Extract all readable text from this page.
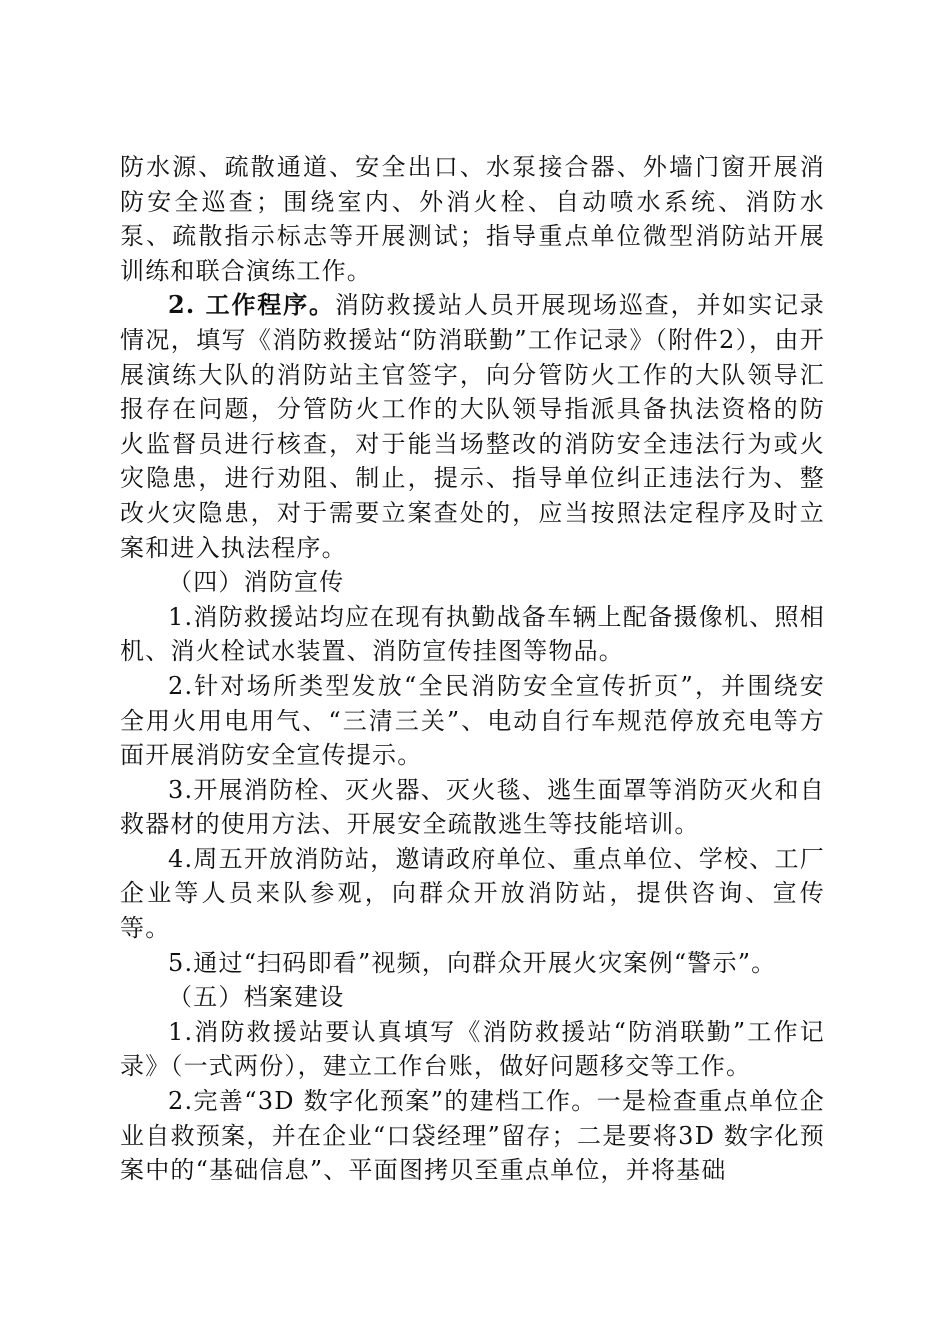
防水源、疏散通道、安全出口、水泵接合器、外墙门窗开展消防安全巡查；围绕室内、外消火栓、自动喷水系统、消防水泵、疏散指示标志等开展测试；指导重点单位微型消防站开展训练和联合演练工作。

2. 工作程序。消防救援站人员开展现场巡查，并如实记录情况，填写《消防救援站“防消联勤”工作记录》（附件2），由开展演练大队的消防站主官签字，向分管防火工作的大队领导汇报存在问题，分管防火工作的大队领导指派具备执法资格的防火监督员进行核查，对于能当场整改的消防安全违法行为或火灾隐患，进行劝阻、制止，提示、指导单位纠正违法行为、整改火灾隐患，对于需要立案查处的，应当按照法定程序及时立案和进入执法程序。

（四）消防宣传

1.消防救援站均应在现有执勤战备车辆上配备摄像机、照相机、消火栓试水装置、消防宣传挂图等物品。

2.针对场所类型发放“全民消防安全宣传折页”，并围绕安全用火用电用气、“三清三关”、电动自行车规范停放充电等方面开展消防安全宣传提示。

3.开展消防栓、灭火器、灭火毯、逃生面罩等消防灭火和自救器材的使用方法、开展安全疏散逃生等技能培训。

4.周五开放消防站，邀请政府单位、重点单位、学校、工厂企业等人员来队参观，向群众开放消防站，提供咨询、宣传等。

5.通过“扫码即看”视频，向群众开展火灾案例“警示”。

（五）档案建设

1.消防救援站要认真填写《消防救援站“防消联勤”工作记录》（一式两份），建立工作台账，做好问题移交等工作。

2.完善“3D 数字化预案”的建档工作。一是检查重点单位企业自救预案，并在企业“口袋经理”留存；二是要将3D 数字化预案中的“基础信息”、平面图拷贝至重点单位，并将基础
